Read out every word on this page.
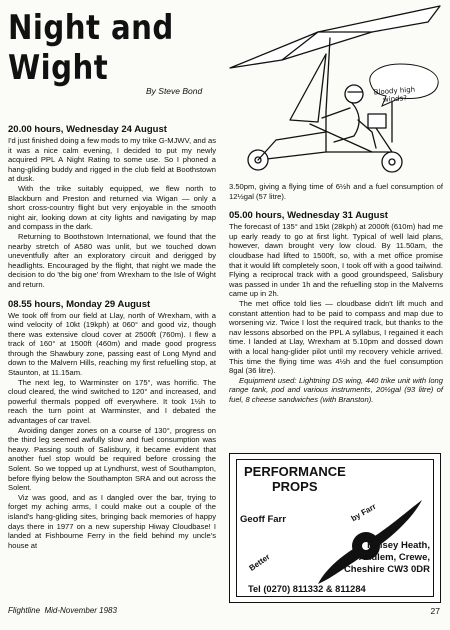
Night and
Wight
By Steve Bond	Bloody high
winds?
20.00 hours, Wednesday 24 August

I'd just finished doing a few mods to my trike G-MJWV, and as it was a nice calm evening, I decided to put my newly acquired PPL A Night Rating to some use. So I phoned a hang-gliding buddy and rigged in the club field at Boothstown at dusk.

With the trike suitably equipped, we flew north to Blackburn and Preston and returned via Wigan — only a short cross-country flight but very enjoyable in the smooth night air, looking down at city lights and navigating by map and compass in the dark.

Returning to Boothstown International, we found that the nearby stretch of A580 was unlit, but we touched down uneventfully after an exploratory circuit and derigged by headlights. Encouraged by the flight, that night we made the decision to do 'the big one' from Wrexham to the Isle of Wight and return.

08.55 hours, Monday 29 August

We took off from our field at Llay, north of Wrexham, with a wind velocity of 10kt (19kph) at 060° and good viz, though there was extensive cloud cover at 2500ft (760m). I flew a track of 160° at 1500ft (460m) and made good progress through the Shawbury zone, passing east of Long Mynd and down to the Malvern Hills, reaching my first refuelling stop, at Staunton, at 11.15am.

The next leg, to Warminster on 175°, was horrific. The cloud cleared, the wind switched to 120° and increased, and powerful thermals popped off everywhere. It took 1½h to reach the turn point at Warminster, and I debated the advantages of car travel.

Avoiding danger zones on a course of 130°, progress on the third leg seemed awfully slow and fuel consumption was heavy. Passing south of Salisbury, it became evident that another fuel stop would be required before crossing the Solent. So we topped up at Lyndhurst, west of Southampton, before flying below the Southampton SRA and out across the Solent.

Viz was good, and as I dangled over the bar, trying to forget my aching arms, I could make out a couple of the island's hang-gliding sites, bringing back memories of happy days there in 1977 on a new supership Hiway Cloudbase! I landed at Fishbourne Ferry in the field behind my uncle's house at

3.50pm, giving a flying time of 6½h and a fuel consumption of 12½gal (57 litre).

05.00 hours, Wednesday 31 August

The forecast of 135° and 15kt (28kph) at 2000ft (610m) had me up early ready to go at first light. Typical of well laid plans, however, dawn brought very low cloud. By 11.50am, the cloudbase had lifted to 1500ft, so, with a met office promise that it would lift completely soon, I took off with a good tailwind. Flying a reciprocal track with a good groundspeed, Salisbury was passed in under 1h and the refuelling stop in the Malverns came up in 2h.

The met office told lies — cloudbase didn't lift much and constant attention had to be paid to compass and map due to worsening viz. Twice I lost the required track, but thanks to the nav lessons absorbed on the PPL A syllabus, I regained it each time. I landed at Llay, Wrexham at 5.10pm and dossed down with a local hang-glider pilot until my recovery vehicle arrived. This time the flying time was 4½h and the fuel consumption 8gal (36 litre).

Equipment used: Lightning DS wing, 440 trike unit with long range tank, pod and various instruments, 20½gal (93 litre) of fuel, 8 cheese sandwiches (with Branston).

PERFORMANCE
PROPS
Geoff Farr	by Farr
Better
Kinsey Heath,
Audlem, Crewe,
Cheshire CW3 0DR
Tel (0270) 811332 & 811284
Flightline Mid-November 1983	27
